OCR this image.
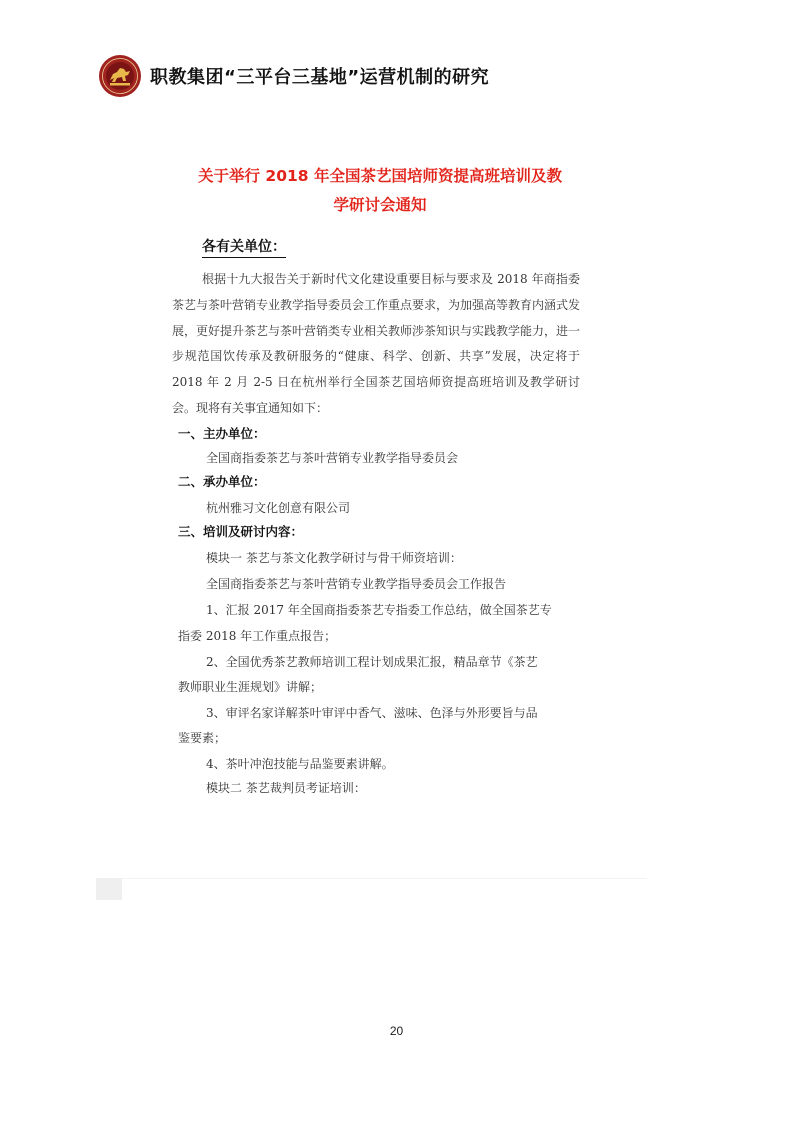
职教集团“三平台三基地”运营机制的研究
关于举行 2018 年全国茶艺国培师资提高班培训及教
学研讨会通知
各有关单位：
根据十九大报告关于新时代文化建设重要目标与要求及 2018 年商指委茶艺与茶叶营销专业教学指导委员会工作重点要求，为加强高等教育内涵式发展，更好提升茶艺与茶叶营销类专业相关教师涉茶知识与实践教学能力，进一步规范国饮传承及教研服务的“健康、科学、创新、共享”发展，决定将于 2018 年 2 月 2-5 日在杭州举行全国茶艺国培师资提高班培训及教学研讨会。现将有关事宜通知如下：
一、主办单位：
全国商指委茶艺与茶叶营销专业教学指导委员会
二、承办单位：
杭州雅习文化创意有限公司
三、培训及研讨内容：
模块一 茶艺与茶文化教学研讨与骨干师资培训：
全国商指委茶艺与茶叶营销专业教学指导委员会工作报告
1、汇报 2017 年全国商指委茶艺专指委工作总结，做全国茶艺专
指委 2018 年工作重点报告；
2、全国优秀茶艺教师培训工程计划成果汇报，精品章节《茶艺
教师职业生涯规划》讲解；
3、审评名家详解茶叶审评中香气、滋味、色泽与外形要旨与品
鉴要素；
4、茶叶冲泡技能与品鉴要素讲解。
模块二 茶艺裁判员考证培训：
20
